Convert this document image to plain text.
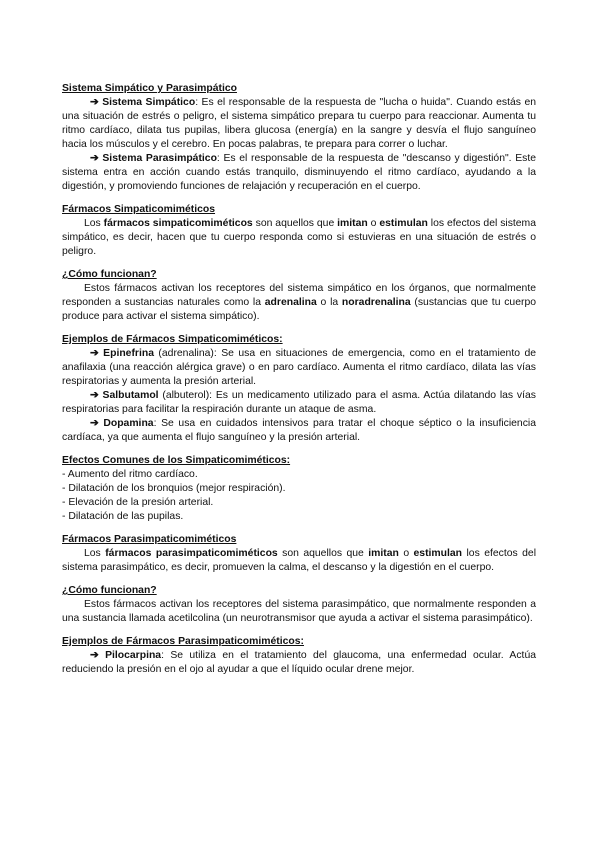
Sistema Simpático y Parasimpático

➔ Sistema Simpático: Es el responsable de la respuesta de "lucha o huida". Cuando estás en una situación de estrés o peligro, el sistema simpático prepara tu cuerpo para reaccionar. Aumenta tu ritmo cardíaco, dilata tus pupilas, libera glucosa (energía) en la sangre y desvía el flujo sanguíneo hacia los músculos y el cerebro. En pocas palabras, te prepara para correr o luchar.

➔ Sistema Parasimpático: Es el responsable de la respuesta de "descanso y digestión". Este sistema entra en acción cuando estás tranquilo, disminuyendo el ritmo cardíaco, ayudando a la digestión, y promoviendo funciones de relajación y recuperación en el cuerpo.

Fármacos Simpaticomiméticos

Los fármacos simpaticomiméticos son aquellos que imitan o estimulan los efectos del sistema simpático, es decir, hacen que tu cuerpo responda como si estuvieras en una situación de estrés o peligro.

¿Cómo funcionan?

Estos fármacos activan los receptores del sistema simpático en los órganos, que normalmente responden a sustancias naturales como la adrenalina o la noradrenalina (sustancias que tu cuerpo produce para activar el sistema simpático).

Ejemplos de Fármacos Simpaticomiméticos:

➔ Epinefrina (adrenalina): Se usa en situaciones de emergencia, como en el tratamiento de anafilaxia (una reacción alérgica grave) o en paro cardíaco. Aumenta el ritmo cardíaco, dilata las vías respiratorias y aumenta la presión arterial.

➔ Salbutamol (albuterol): Es un medicamento utilizado para el asma. Actúa dilatando las vías respiratorias para facilitar la respiración durante un ataque de asma.

➔ Dopamina: Se usa en cuidados intensivos para tratar el choque séptico o la insuficiencia cardíaca, ya que aumenta el flujo sanguíneo y la presión arterial.

Efectos Comunes de los Simpaticomiméticos:

- Aumento del ritmo cardíaco.

- Dilatación de los bronquios (mejor respiración).

- Elevación de la presión arterial.

- Dilatación de las pupilas.

Fármacos Parasimpaticomiméticos

Los fármacos parasimpaticomiméticos son aquellos que imitan o estimulan los efectos del sistema parasimpático, es decir, promueven la calma, el descanso y la digestión en el cuerpo.

¿Cómo funcionan?

Estos fármacos activan los receptores del sistema parasimpático, que normalmente responden a una sustancia llamada acetilcolina (un neurotransmisor que ayuda a activar el sistema parasimpático).

Ejemplos de Fármacos Parasimpaticomiméticos:

➔ Pilocarpina: Se utiliza en el tratamiento del glaucoma, una enfermedad ocular. Actúa reduciendo la presión en el ojo al ayudar a que el líquido ocular drene mejor.
